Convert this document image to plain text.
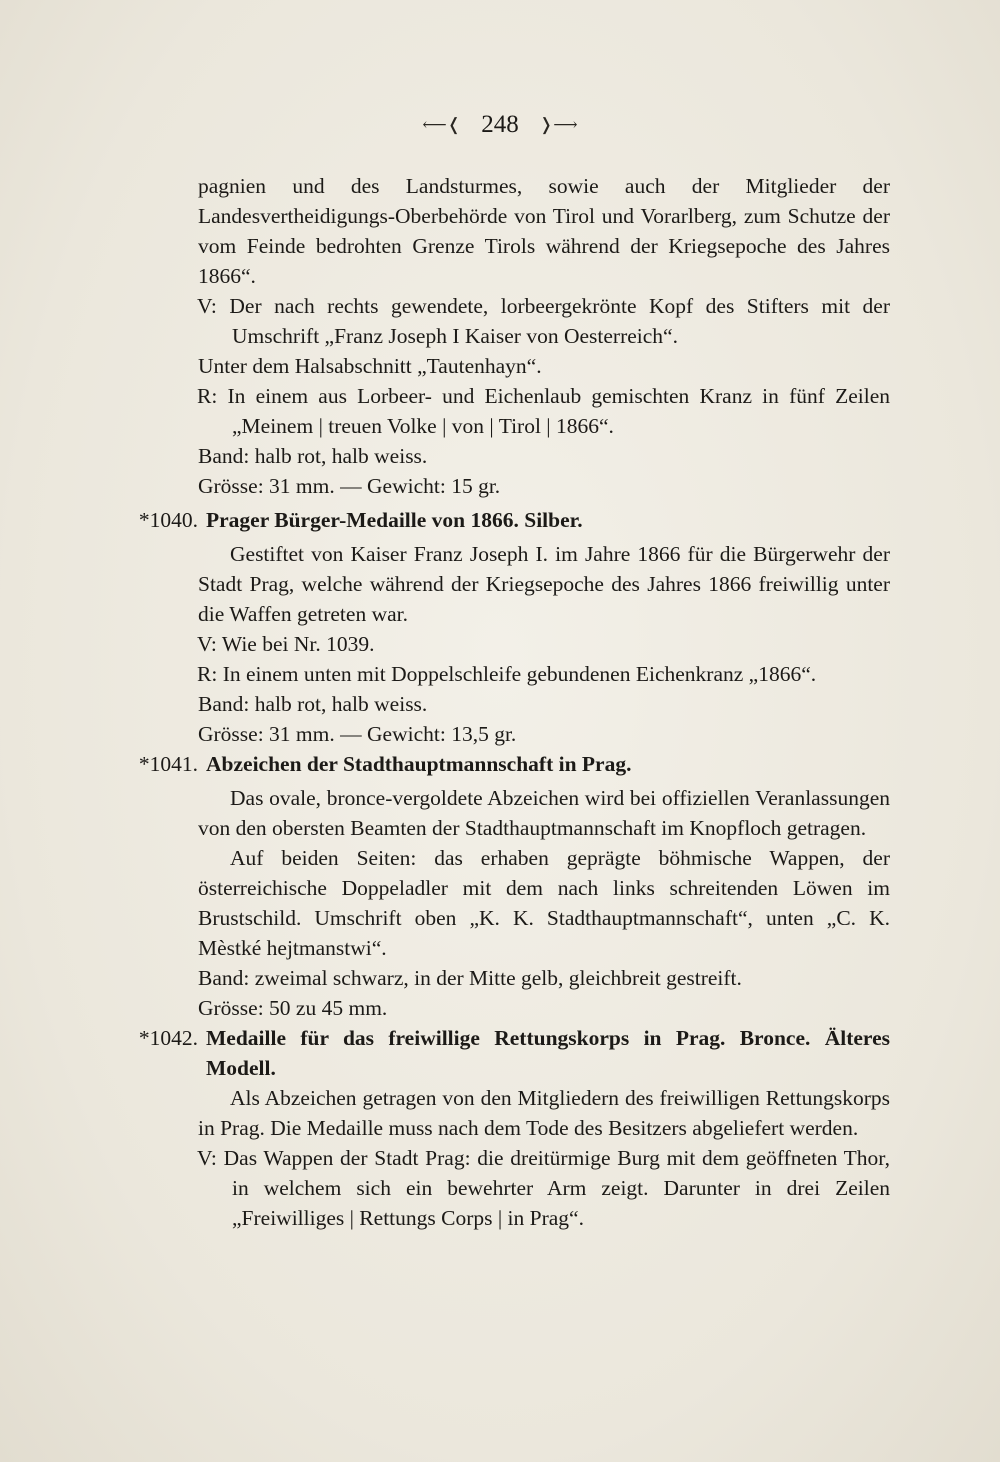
⟵❬ 248 ❭⟶

pagnien und des Landsturmes, sowie auch der Mitglieder der Landesvertheidigungs-Oberbehörde von Tirol und Vorarlberg, zum Schutze der vom Feinde bedrohten Grenze Tirols während der Kriegsepoche des Jahres 1866“.

V: Der nach rechts gewendete, lorbeergekrönte Kopf des Stifters mit der Umschrift „Franz Joseph I Kaiser von Oesterreich“.

Unter dem Halsabschnitt „Tautenhayn“.

R: In einem aus Lorbeer- und Eichenlaub gemischten Kranz in fünf Zeilen „Meinem | treuen Volke | von | Tirol | 1866“.

Band: halb rot, halb weiss.

Grösse: 31 mm. — Gewicht: 15 gr.

*1040. Prager Bürger-Medaille von 1866. Silber.

Gestiftet von Kaiser Franz Joseph I. im Jahre 1866 für die Bürgerwehr der Stadt Prag, welche während der Kriegsepoche des Jahres 1866 freiwillig unter die Waffen getreten war.

V: Wie bei Nr. 1039.

R: In einem unten mit Doppelschleife gebundenen Eichenkranz „1866“.

Band: halb rot, halb weiss.

Grösse: 31 mm. — Gewicht: 13,5 gr.

*1041. Abzeichen der Stadthauptmannschaft in Prag.

Das ovale, bronce-vergoldete Abzeichen wird bei offiziellen Veranlassungen von den obersten Beamten der Stadthauptmannschaft im Knopfloch getragen.

Auf beiden Seiten: das erhaben geprägte böhmische Wappen, der österreichische Doppeladler mit dem nach links schreitenden Löwen im Brustschild. Umschrift oben „K. K. Stadthauptmannschaft“, unten „C. K. Mèstké hejtmanstwi“.

Band: zweimal schwarz, in der Mitte gelb, gleichbreit gestreift.

Grösse: 50 zu 45 mm.

*1042. Medaille für das freiwillige Rettungskorps in Prag. Bronce. Älteres Modell.

Als Abzeichen getragen von den Mitgliedern des freiwilligen Rettungskorps in Prag. Die Medaille muss nach dem Tode des Besitzers abgeliefert werden.

V: Das Wappen der Stadt Prag: die dreitürmige Burg mit dem geöffneten Thor, in welchem sich ein bewehrter Arm zeigt. Darunter in drei Zeilen „Freiwilliges | Rettungs Corps | in Prag“.
